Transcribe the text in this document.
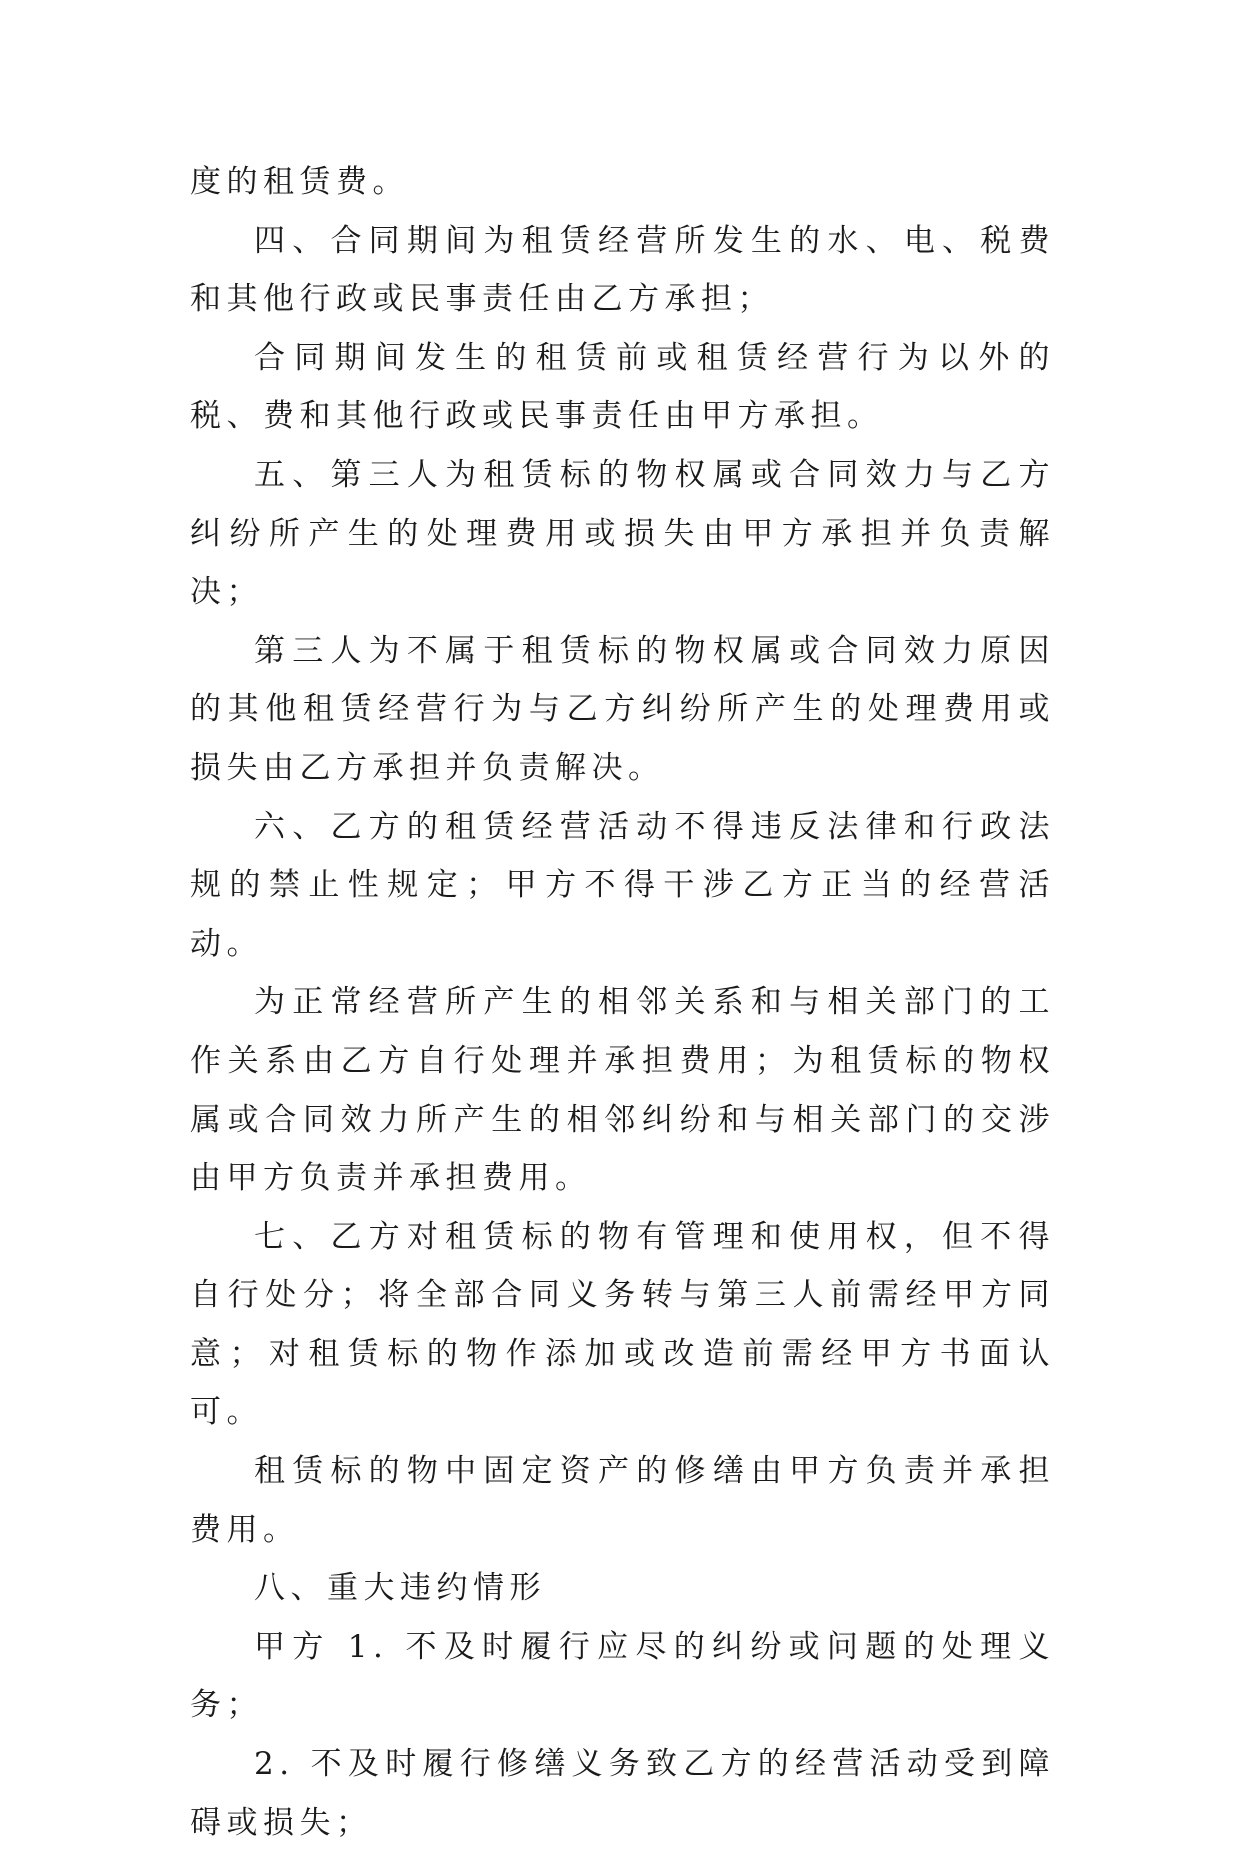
度的租赁费。

四、合同期间为租赁经营所发生的水、电、税费和其他行政或民事责任由乙方承担；

合同期间发生的租赁前或租赁经营行为以外的税、费和其他行政或民事责任由甲方承担。

五、第三人为租赁标的物权属或合同效力与乙方纠纷所产生的处理费用或损失由甲方承担并负责解决；

第三人为不属于租赁标的物权属或合同效力原因的其他租赁经营行为与乙方纠纷所产生的处理费用或损失由乙方承担并负责解决。

六、乙方的租赁经营活动不得违反法律和行政法规的禁止性规定；甲方不得干涉乙方正当的经营活动。

为正常经营所产生的相邻关系和与相关部门的工作关系由乙方自行处理并承担费用；为租赁标的物权属或合同效力所产生的相邻纠纷和与相关部门的交涉由甲方负责并承担费用。

七、乙方对租赁标的物有管理和使用权，但不得自行处分；将全部合同义务转与第三人前需经甲方同意；对租赁标的物作添加或改造前需经甲方书面认可。

租赁标的物中固定资产的修缮由甲方负责并承担费用。

八、重大违约情形

甲方 1. 不及时履行应尽的纠纷或问题的处理义务；

2. 不及时履行修缮义务致乙方的经营活动受到障碍或损失；
